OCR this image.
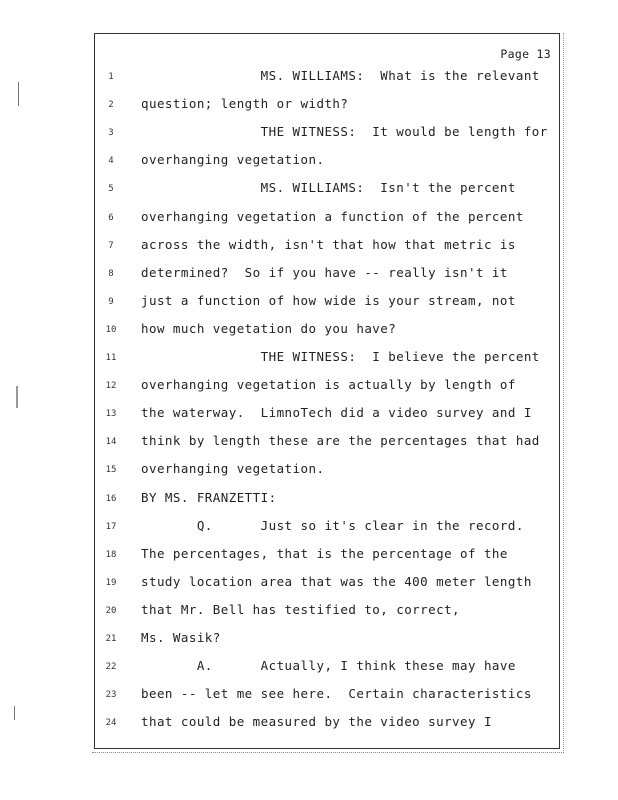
Page 13
1	MS. WILLIAMS:  What is the relevant
2	question; length or width?
3	THE WITNESS:  It would be length for
4	overhanging vegetation.
5	MS. WILLIAMS:  Isn't the percent
6	overhanging vegetation a function of the percent
7	across the width, isn't that how that metric is
8	determined?  So if you have -- really isn't it
9	just a function of how wide is your stream, not
10	how much vegetation do you have?
11	THE WITNESS:  I believe the percent
12	overhanging vegetation is actually by length of
13	the waterway.  LimnoTech did a video survey and I
14	think by length these are the percentages that had
15	overhanging vegetation.
16	BY MS. FRANZETTI:
17	Q.      Just so it's clear in the record.
18	The percentages, that is the percentage of the
19	study location area that was the 400 meter length
20	that Mr. Bell has testified to, correct,
21	Ms. Wasik?
22	A.      Actually, I think these may have
23	been -- let me see here.  Certain characteristics
24	that could be measured by the video survey I
